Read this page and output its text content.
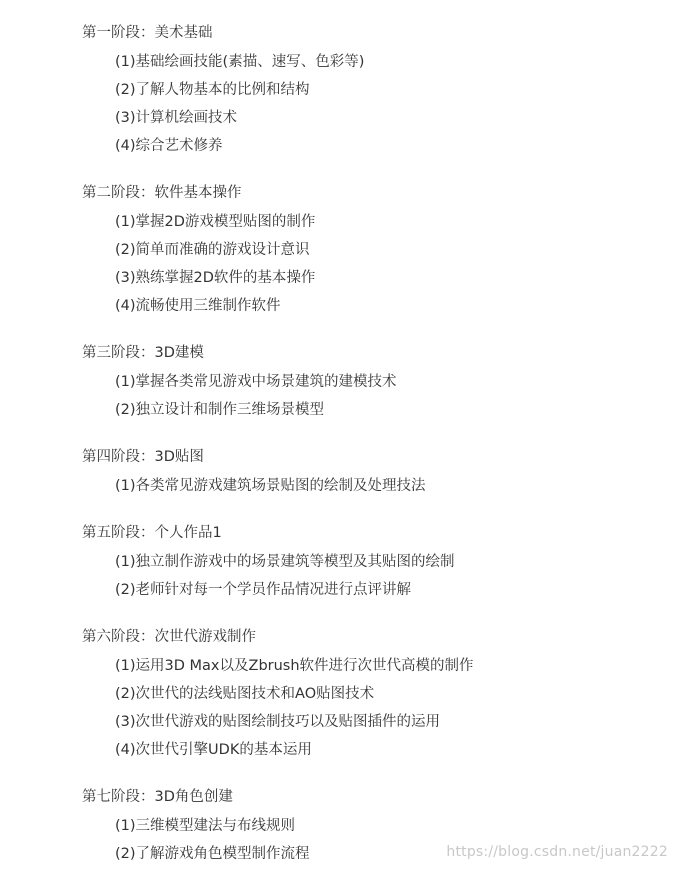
第一阶段：美术基础
(1)基础绘画技能(素描、速写、色彩等)
(2)了解人物基本的比例和结构
(3)计算机绘画技术
(4)综合艺术修养
第二阶段：软件基本操作
(1)掌握2D游戏模型贴图的制作
(2)简单而准确的游戏设计意识
(3)熟练掌握2D软件的基本操作
(4)流畅使用三维制作软件
第三阶段：3D建模
(1)掌握各类常见游戏中场景建筑的建模技术
(2)独立设计和制作三维场景模型
第四阶段：3D贴图
(1)各类常见游戏建筑场景贴图的绘制及处理技法
第五阶段：个人作品1
(1)独立制作游戏中的场景建筑等模型及其贴图的绘制
(2)老师针对每一个学员作品情况进行点评讲解
第六阶段：次世代游戏制作
(1)运用3D Max以及Zbrush软件进行次世代高模的制作
(2)次世代的法线贴图技术和AO贴图技术
(3)次世代游戏的贴图绘制技巧以及贴图插件的运用
(4)次世代引擎UDK的基本运用
第七阶段：3D角色创建
(1)三维模型建法与布线规则
(2)了解游戏角色模型制作流程	https://blog.csdn.net/juan2222
